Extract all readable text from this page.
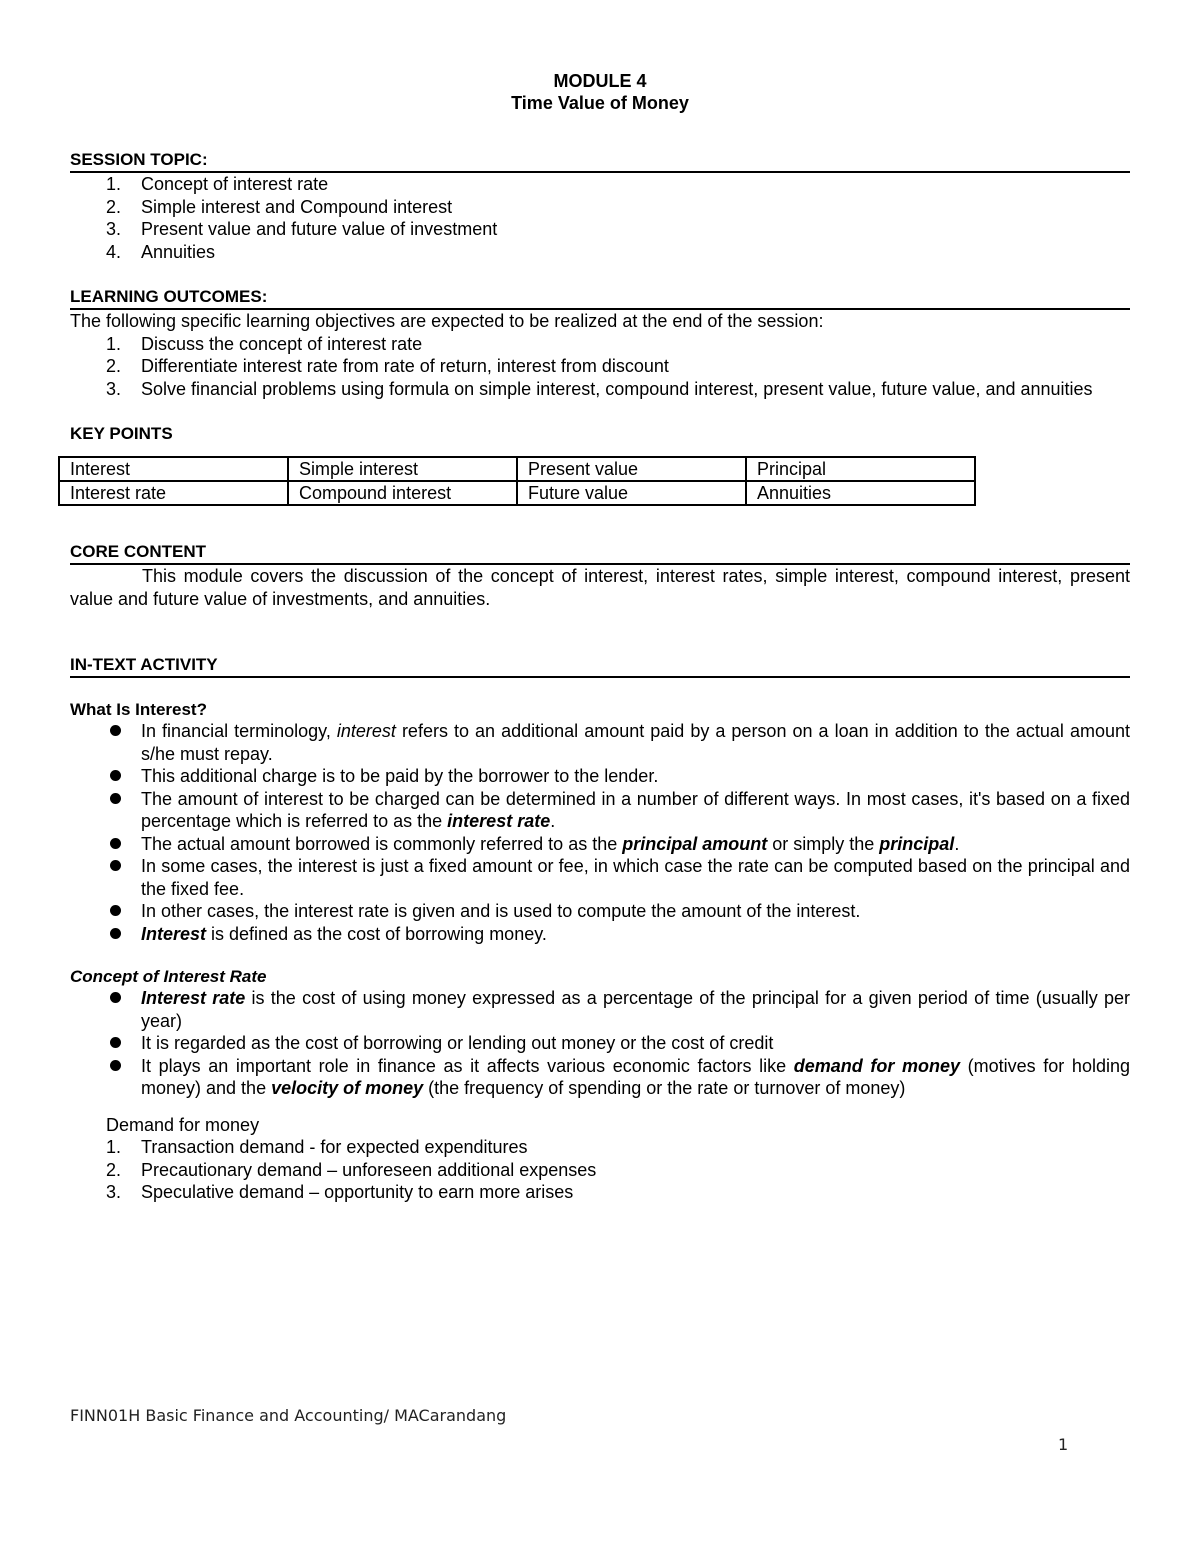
MODULE 4
Time Value of Money
SESSION TOPIC:
1. Concept of interest rate
2. Simple interest and Compound interest
3. Present value and future value of investment
4. Annuities
LEARNING OUTCOMES:
The following specific learning objectives are expected to be realized at the end of the session:
1. Discuss the concept of interest rate
2. Differentiate interest rate from rate of return, interest from discount
3. Solve financial problems using formula on simple interest, compound interest, present value, future value, and annuities
KEY POINTS
Interest	Simple interest	Present value	Principal
Interest rate	Compound interest	Future value	Annuities
CORE CONTENT
This module covers the discussion of the concept of interest, interest rates, simple interest, compound interest, present value and future value of investments, and annuities.
IN-TEXT ACTIVITY
What Is Interest?
In financial terminology, interest refers to an additional amount paid by a person on a loan in addition to the actual amount s/he must repay.
This additional charge is to be paid by the borrower to the lender.
The amount of interest to be charged can be determined in a number of different ways. In most cases, it's based on a fixed percentage which is referred to as the interest rate.
The actual amount borrowed is commonly referred to as the principal amount or simply the principal.
In some cases, the interest is just a fixed amount or fee, in which case the rate can be computed based on the principal and the fixed fee.
In other cases, the interest rate is given and is used to compute the amount of the interest.
Interest is defined as the cost of borrowing money.
Concept of Interest Rate
Interest rate is the cost of using money expressed as a percentage of the principal for a given period of time (usually per year)
It is regarded as the cost of borrowing or lending out money or the cost of credit
It plays an important role in finance as it affects various economic factors like demand for money (motives for holding money) and the velocity of money (the frequency of spending or the rate or turnover of money)
Demand for money
1. Transaction demand - for expected expenditures
2. Precautionary demand – unforeseen additional expenses
3. Speculative demand – opportunity to earn more arises
FINN01H Basic Finance and Accounting/ MACarandang
1
